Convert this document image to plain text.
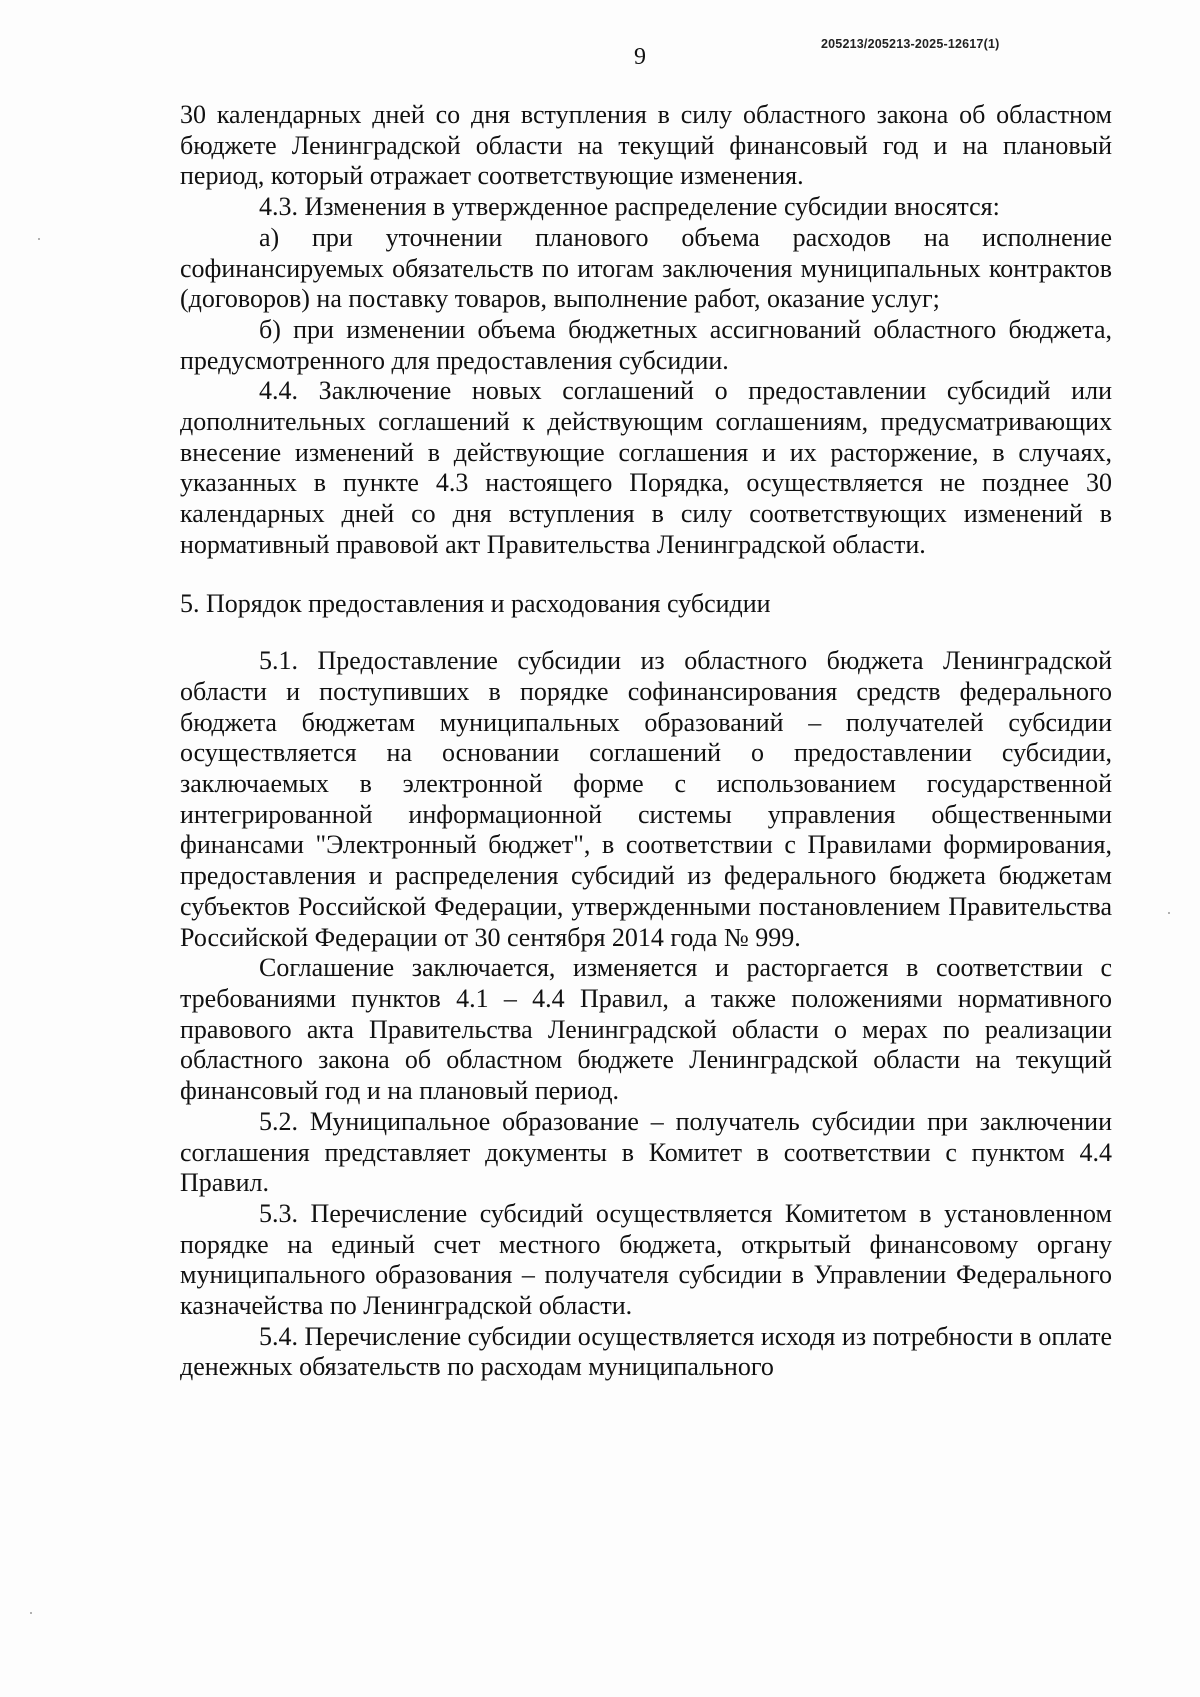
205213/205213-2025-12617(1)
9

30 календарных дней со дня вступления в силу областного закона об областном бюджете Ленинградской области на текущий финансовый год и на плановый период, который отражает соответствующие изменения.

4.3. Изменения в утвержденное распределение субсидии вносятся:

а) при уточнении планового объема расходов на исполнение софинансируемых обязательств по итогам заключения муниципальных контрактов (договоров) на поставку товаров, выполнение работ, оказание услуг;

б) при изменении объема бюджетных ассигнований областного бюджета, предусмотренного для предоставления субсидии.

4.4. Заключение новых соглашений о предоставлении субсидий или дополнительных соглашений к действующим соглашениям, предусматривающих внесение изменений в действующие соглашения и их расторжение, в случаях, указанных в пункте 4.3 настоящего Порядка, осуществляется не позднее 30 календарных дней со дня вступления в силу соответствующих изменений в нормативный правовой акт Правительства Ленинградской области.

5. Порядок предоставления и расходования субсидии

5.1. Предоставление субсидии из областного бюджета Ленинградской области и поступивших в порядке софинансирования средств федерального бюджета бюджетам муниципальных образований – получателей субсидии осуществляется на основании соглашений о предоставлении субсидии, заключаемых в электронной форме с использованием государственной интегрированной информационной системы управления общественными финансами "Электронный бюджет", в соответствии с Правилами формирования, предоставления и распределения субсидий из федерального бюджета бюджетам субъектов Российской Федерации, утвержденными постановлением Правительства Российской Федерации от 30 сентября 2014 года № 999.

Соглашение заключается, изменяется и расторгается в соответствии с требованиями пунктов 4.1 – 4.4 Правил, а также положениями нормативного правового акта Правительства Ленинградской области о мерах по реализации областного закона об областном бюджете Ленинградской области на текущий финансовый год и на плановый период.

5.2. Муниципальное образование – получатель субсидии при заключении соглашения представляет документы в Комитет в соответствии с пунктом 4.4 Правил.

5.3. Перечисление субсидий осуществляется Комитетом в установленном порядке на единый счет местного бюджета, открытый финансовому органу муниципального образования – получателя субсидии в Управлении Федерального казначейства по Ленинградской области.

5.4. Перечисление субсидии осуществляется исходя из потребности в оплате денежных обязательств по расходам муниципального
